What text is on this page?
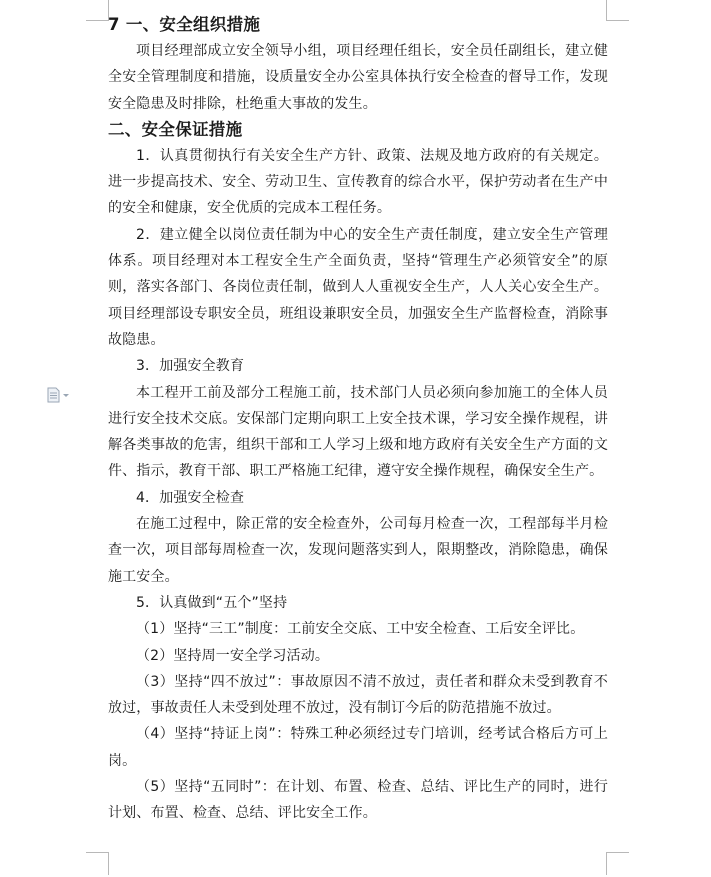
7 一、安全组织措施
项目经理部成立安全领导小组，项目经理任组长，安全员任副组长，建立健全安全管理制度和措施，设质量安全办公室具体执行安全检查的督导工作，发现安全隐患及时排除，杜绝重大事故的发生。
二、安全保证措施
1．认真贯彻执行有关安全生产方针、政策、法规及地方政府的有关规定。进一步提高技术、安全、劳动卫生、宣传教育的综合水平，保护劳动者在生产中的安全和健康，安全优质的完成本工程任务。
2．建立健全以岗位责任制为中心的安全生产责任制度，建立安全生产管理体系。项目经理对本工程安全生产全面负责，坚持“管理生产必须管安全”的原则，落实各部门、各岗位责任制，做到人人重视安全生产，人人关心安全生产。项目经理部设专职安全员，班组设兼职安全员，加强安全生产监督检查，消除事故隐患。
3．加强安全教育
本工程开工前及部分工程施工前，技术部门人员必须向参加施工的全体人员进行安全技术交底。安保部门定期向职工上安全技术课，学习安全操作规程，讲解各类事故的危害，组织干部和工人学习上级和地方政府有关安全生产方面的文件、指示，教育干部、职工严格施工纪律，遵守安全操作规程，确保安全生产。
4．加强安全检查
在施工过程中，除正常的安全检查外，公司每月检查一次，工程部每半月检查一次，项目部每周检查一次，发现问题落实到人，限期整改，消除隐患，确保施工安全。
5．认真做到“五个”坚持
（1）坚持“三工”制度：工前安全交底、工中安全检查、工后安全评比。
（2）坚持周一安全学习活动。
（3）坚持“四不放过”：事故原因不清不放过，责任者和群众未受到教育不放过，事故责任人未受到处理不放过，没有制订今后的防范措施不放过。
（4）坚持“持证上岗”：特殊工种必须经过专门培训，经考试合格后方可上岗。
（5）坚持“五同时”：在计划、布置、检查、总结、评比生产的同时，进行计划、布置、检查、总结、评比安全工作。
